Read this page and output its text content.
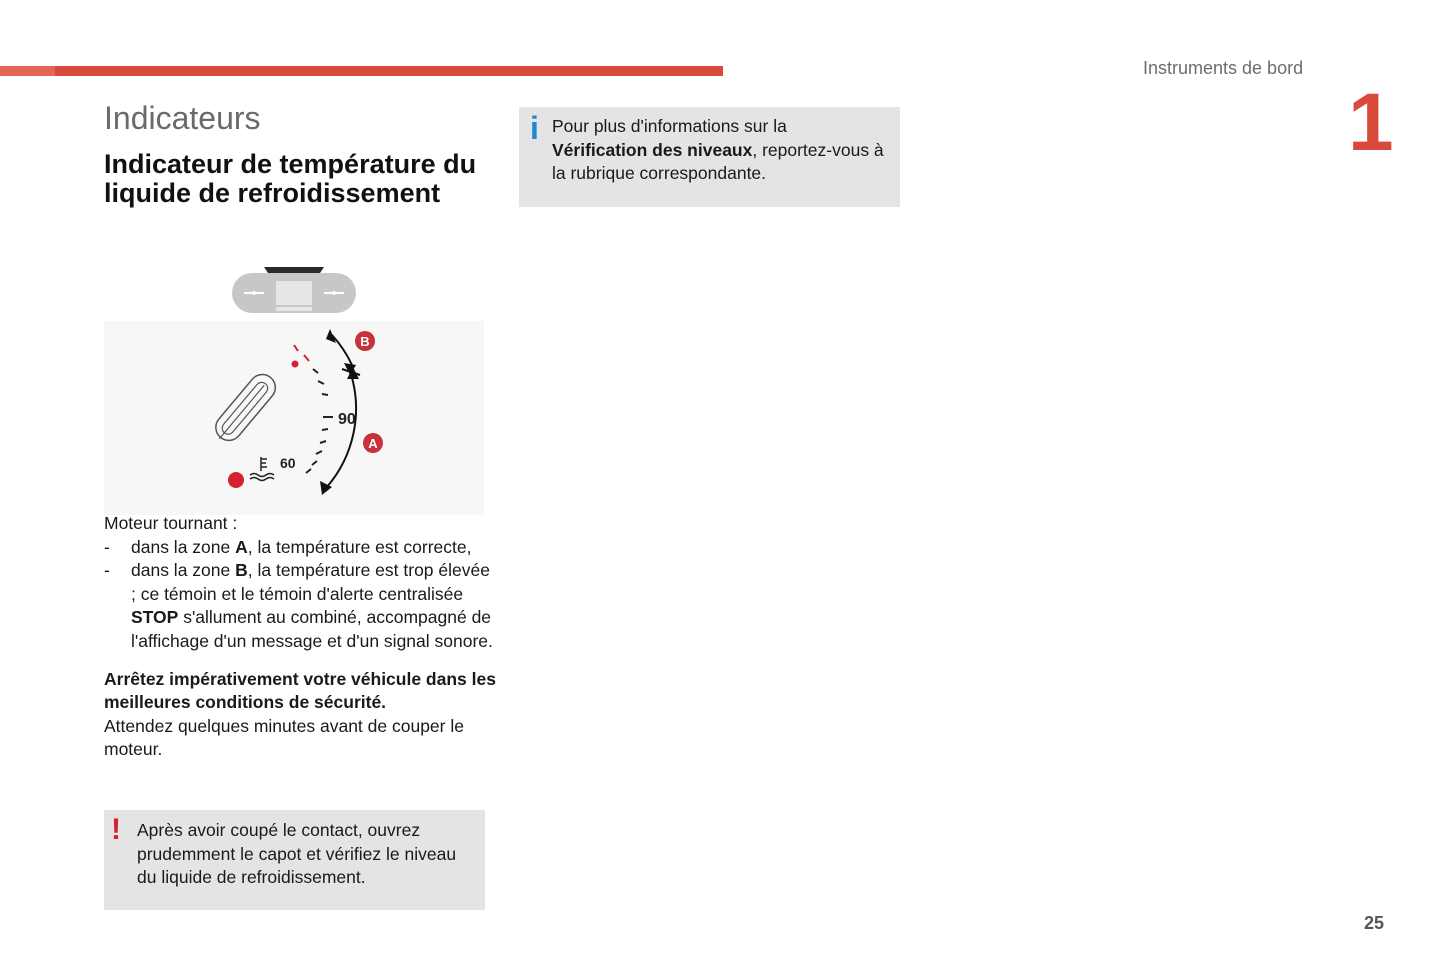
Instruments de bord
1
25
Indicateurs
Indicateur de température du liquide de refroidissement
90
60
B
A

Moteur tournant :

- dans la zone A, la température est correcte,
- dans la zone B, la température est trop élevée ; ce témoin et le témoin d'alerte centralisée STOP s'allument au combiné, accompagné de l'affichage d'un message et d'un signal sonore.

Arrêtez impérativement votre véhicule dans les meilleures conditions de sécurité.
Attendez quelques minutes avant de couper le moteur.

Après avoir coupé le contact, ouvrez prudemment le capot et vérifiez le niveau du liquide de refroidissement.
!
Pour plus d'informations sur la
Vérification des niveaux, reportez-vous à la rubrique correspondante.
i
